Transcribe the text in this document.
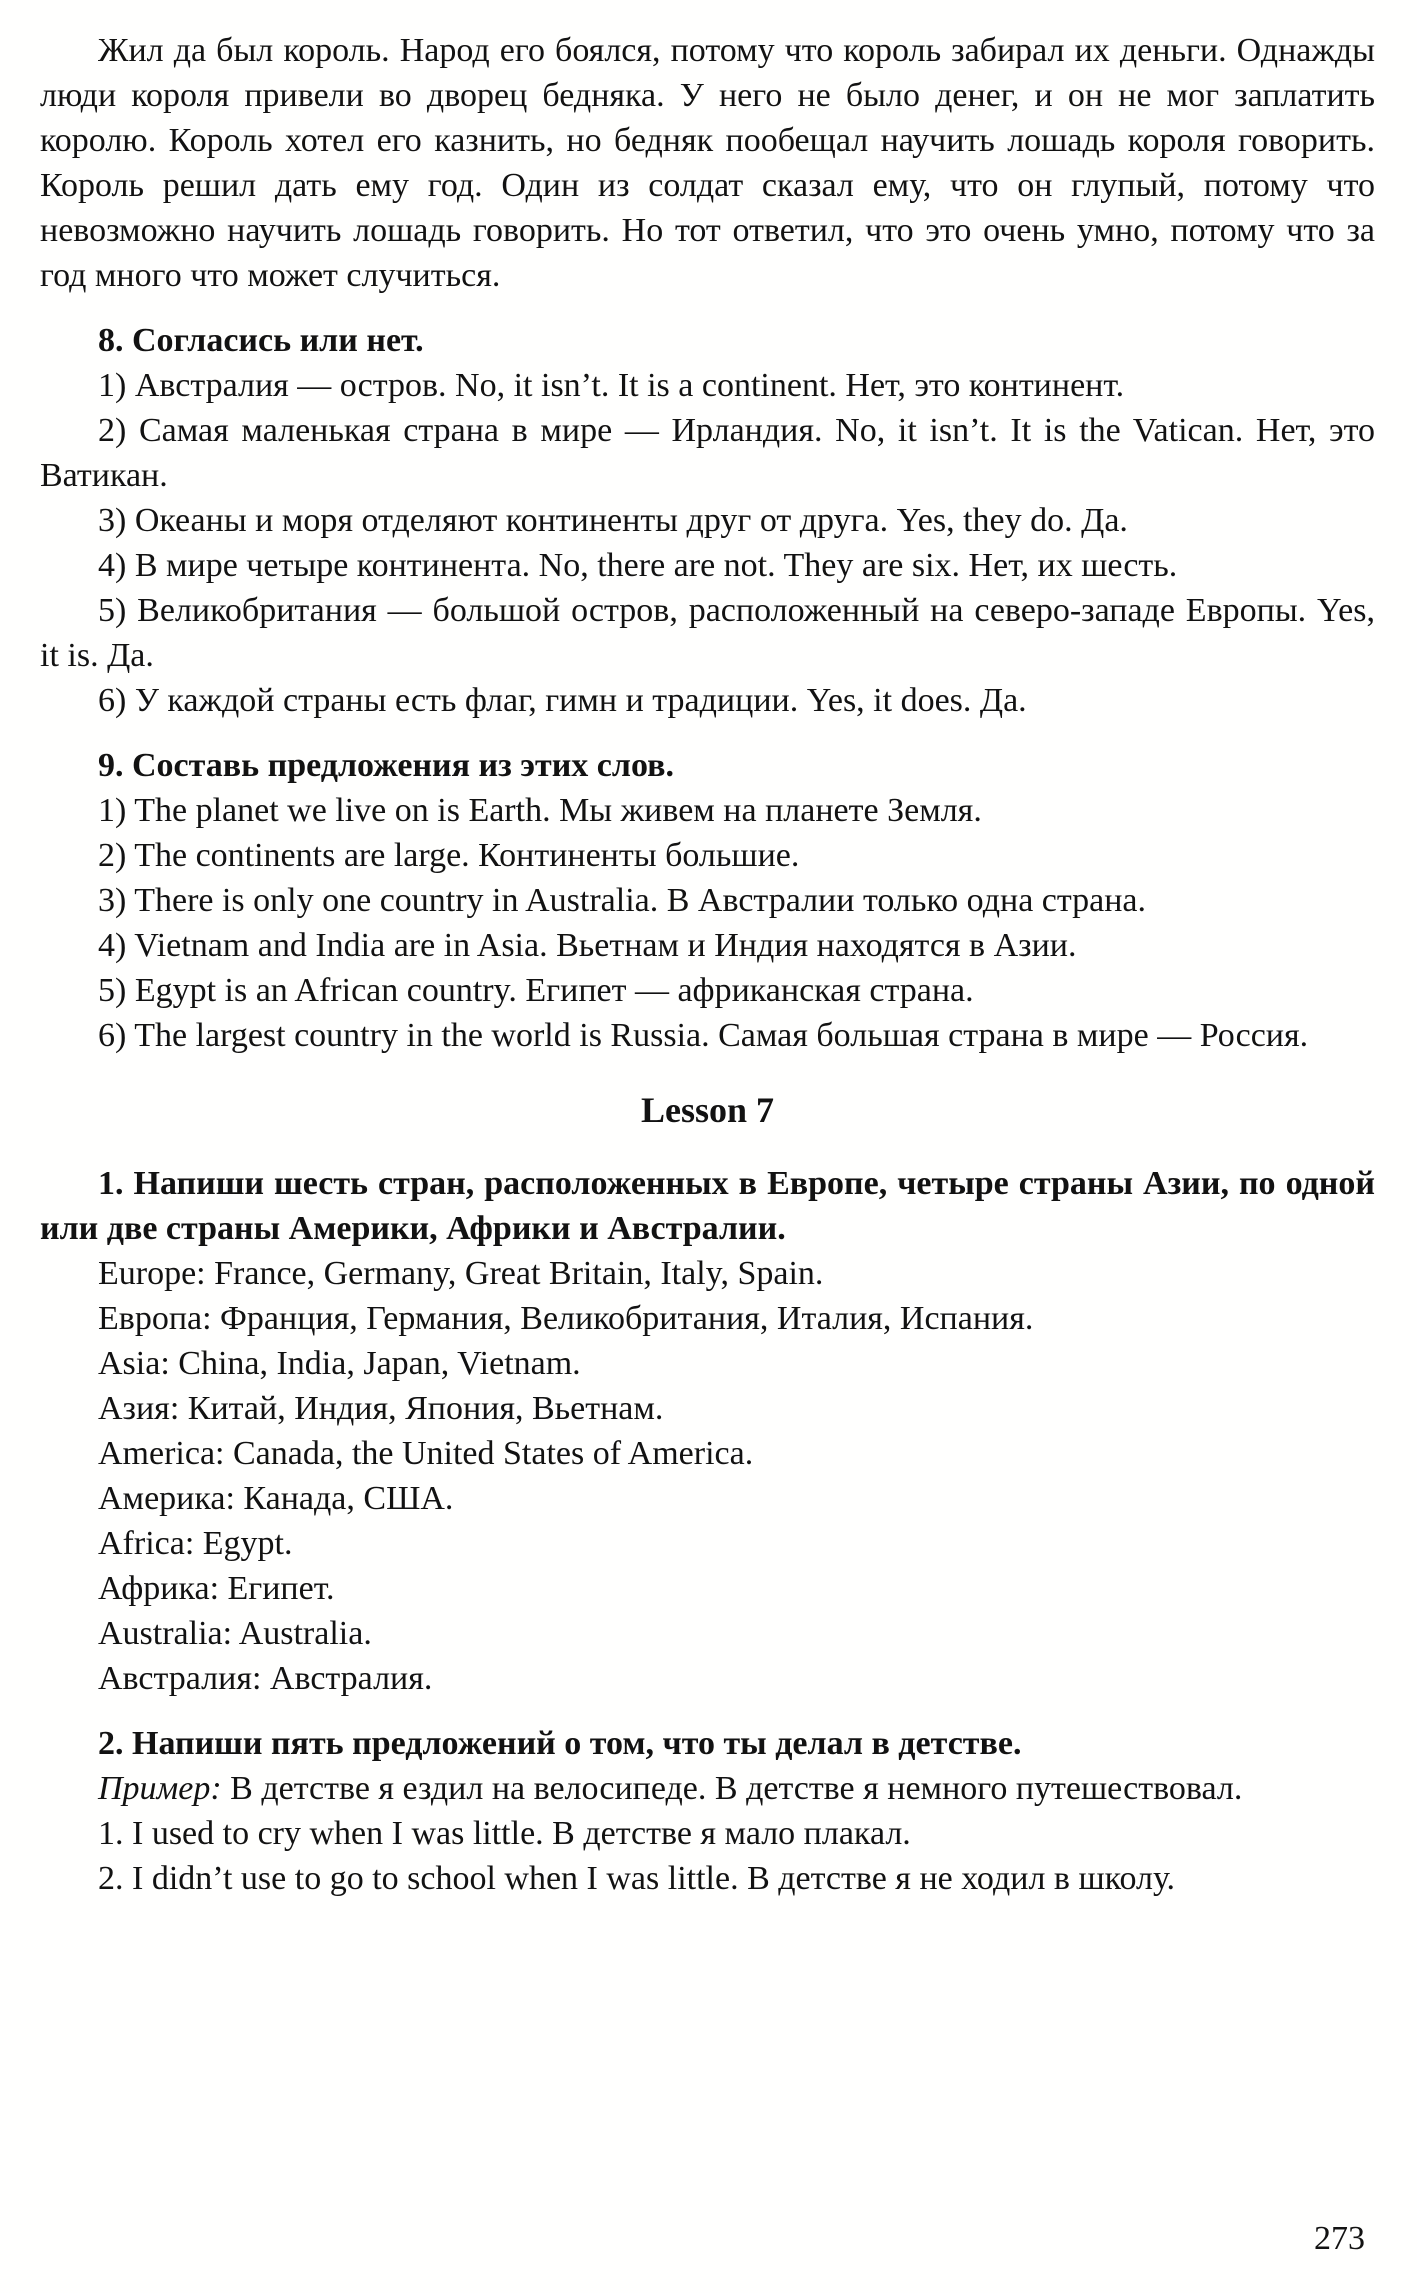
Жил да был король. Народ его боялся, потому что король забирал их деньги. Однажды люди короля привели во дворец бедняка. У него не было денег, и он не мог заплатить королю. Король хотел его казнить, но бедняк пообещал научить лошадь короля говорить. Король решил дать ему год. Один из солдат сказал ему, что он глупый, потому что невозможно научить лошадь говорить. Но тот ответил, что это очень умно, потому что за год много что может случиться.

8. Согласись или нет.

1) Австралия — остров. No, it isn’t. It is a continent. Нет, это континент.

2) Самая маленькая страна в мире — Ирландия. No, it isn’t. It is the Vatican. Нет, это Ватикан.

3) Океаны и моря отделяют континенты друг от друга. Yes, they do. Да.

4) В мире четыре континента. No, there are not. They are six. Нет, их шесть.

5) Великобритания — большой остров, расположенный на северо-западе Европы. Yes, it is. Да.

6) У каждой страны есть флаг, гимн и традиции. Yes, it does. Да.

9. Составь предложения из этих слов.

1) The planet we live on is Earth. Мы живем на планете Земля.

2) The continents are large. Континенты большие.

3) There is only one country in Australia. В Австралии только одна страна.

4) Vietnam and India are in Asia. Вьетнам и Индия находятся в Азии.

5) Egypt is an African country. Египет — африканская страна.

6) The largest country in the world is Russia. Самая большая страна в мире — Россия.

Lesson 7

1. Напиши шесть стран, расположенных в Европе, четыре страны Азии, по одной или две страны Америки, Африки и Австралии.

Europe: France, Germany, Great Britain, Italy, Spain.

Европа: Франция, Германия, Великобритания, Италия, Испания.

Asia: China, India, Japan, Vietnam.

Азия: Китай, Индия, Япония, Вьетнам.

America: Canada, the United States of America.

Америка: Канада, США.

Africa: Egypt.

Африка: Египет.

Australia: Australia.

Австралия: Австралия.

2. Напиши пять предложений о том, что ты делал в детстве.

Пример: В детстве я ездил на велосипеде. В детстве я немного путешествовал.

1. I used to cry when I was little. В детстве я мало плакал.

2. I didn’t use to go to school when I was little. В детстве я не ходил в школу.

273
